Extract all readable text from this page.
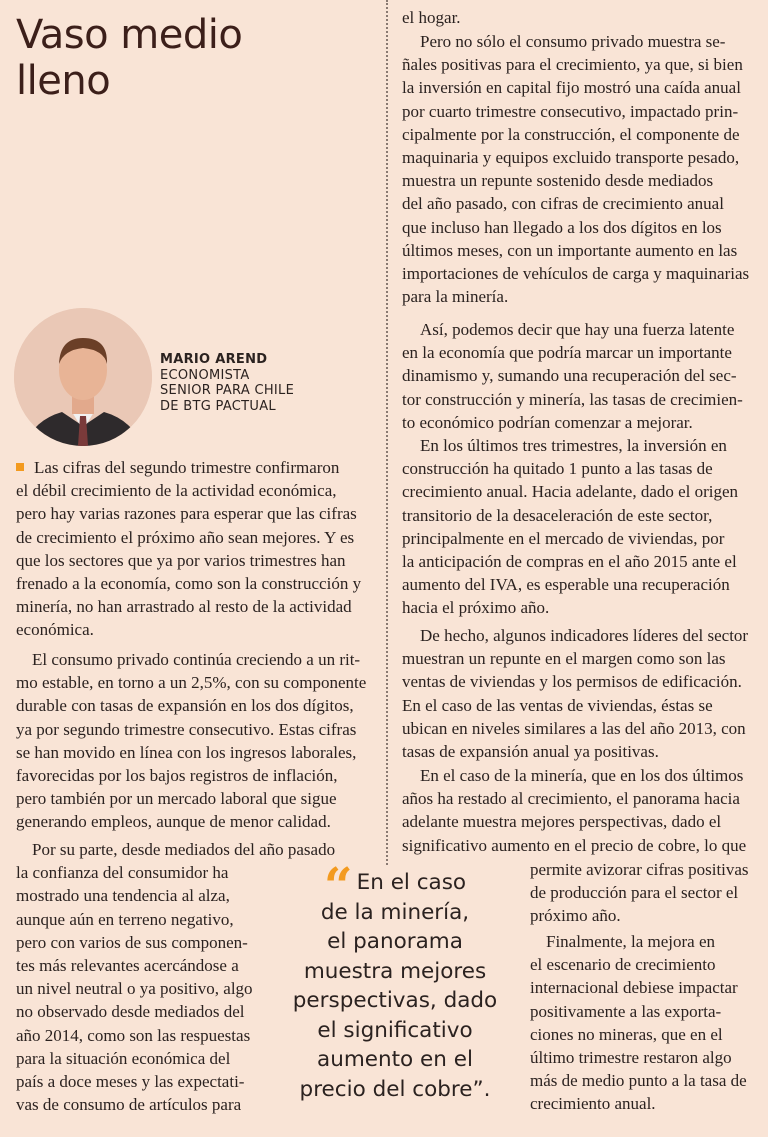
Vaso medio
lleno
MARIO AREND
ECONOMISTA
SENIOR PARA CHILE
DE BTG PACTUAL
Las cifras del segundo trimestre confirmaron
el débil crecimiento de la actividad económica,
pero hay varias razones para esperar que las cifras
de crecimiento el próximo año sean mejores. Y es
que los sectores que ya por varios trimestres han
frenado a la economía, como son la construcción y
minería, no han arrastrado al resto de la actividad
económica.
El consumo privado continúa creciendo a un rit-
mo estable, en torno a un 2,5%, con su componente
durable con tasas de expansión en los dos dígitos,
ya por segundo trimestre consecutivo. Estas cifras
se han movido en línea con los ingresos laborales,
favorecidas por los bajos registros de inflación,
pero también por un mercado laboral que sigue
generando empleos, aunque de menor calidad.
Por su parte, desde mediados del año pasado
la confianza del consumidor ha
mostrado una tendencia al alza,
aunque aún en terreno negativo,
pero con varios de sus componen-
tes más relevantes acercándose a
un nivel neutral o ya positivo, algo
no observado desde mediados del
año 2014, como son las respuestas
para la situación económica del
país a doce meses y las expectati-
vas de consumo de artículos para
“ En el caso
de la minería,
el panorama
muestra mejores
perspectivas, dado
el significativo
aumento en el
precio del cobre”.
el hogar.
Pero no sólo el consumo privado muestra se-
ñales positivas para el crecimiento, ya que, si bien
la inversión en capital fijo mostró una caída anual
por cuarto trimestre consecutivo, impactado prin-
cipalmente por la construcción, el componente de
maquinaria y equipos excluido transporte pesado,
muestra un repunte sostenido desde mediados
del año pasado, con cifras de crecimiento anual
que incluso han llegado a los dos dígitos en los
últimos meses, con un importante aumento en las
importaciones de vehículos de carga y maquinarias
para la minería.
Así, podemos decir que hay una fuerza latente
en la economía que podría marcar un importante
dinamismo y, sumando una recuperación del sec-
tor construcción y minería, las tasas de crecimien-
to económico podrían comenzar a mejorar.
En los últimos tres trimestres, la inversión en
construcción ha quitado 1 punto a las tasas de
crecimiento anual. Hacia adelante, dado el origen
transitorio de la desaceleración de este sector,
principalmente en el mercado de viviendas, por
la anticipación de compras en el año 2015 ante el
aumento del IVA, es esperable una recuperación
hacia el próximo año.
De hecho, algunos indicadores líderes del sector
muestran un repunte en el margen como son las
ventas de viviendas y los permisos de edificación.
En el caso de las ventas de viviendas, éstas se
ubican en niveles similares a las del año 2013, con
tasas de expansión anual ya positivas.
En el caso de la minería, que en los dos últimos
años ha restado al crecimiento, el panorama hacia
adelante muestra mejores perspectivas, dado el
significativo aumento en el precio de cobre, lo que
permite avizorar cifras positivas
de producción para el sector el
próximo año.
Finalmente, la mejora en
el escenario de crecimiento
internacional debiese impactar
positivamente a las exporta-
ciones no mineras, que en el
último trimestre restaron algo
más de medio punto a la tasa de
crecimiento anual.
